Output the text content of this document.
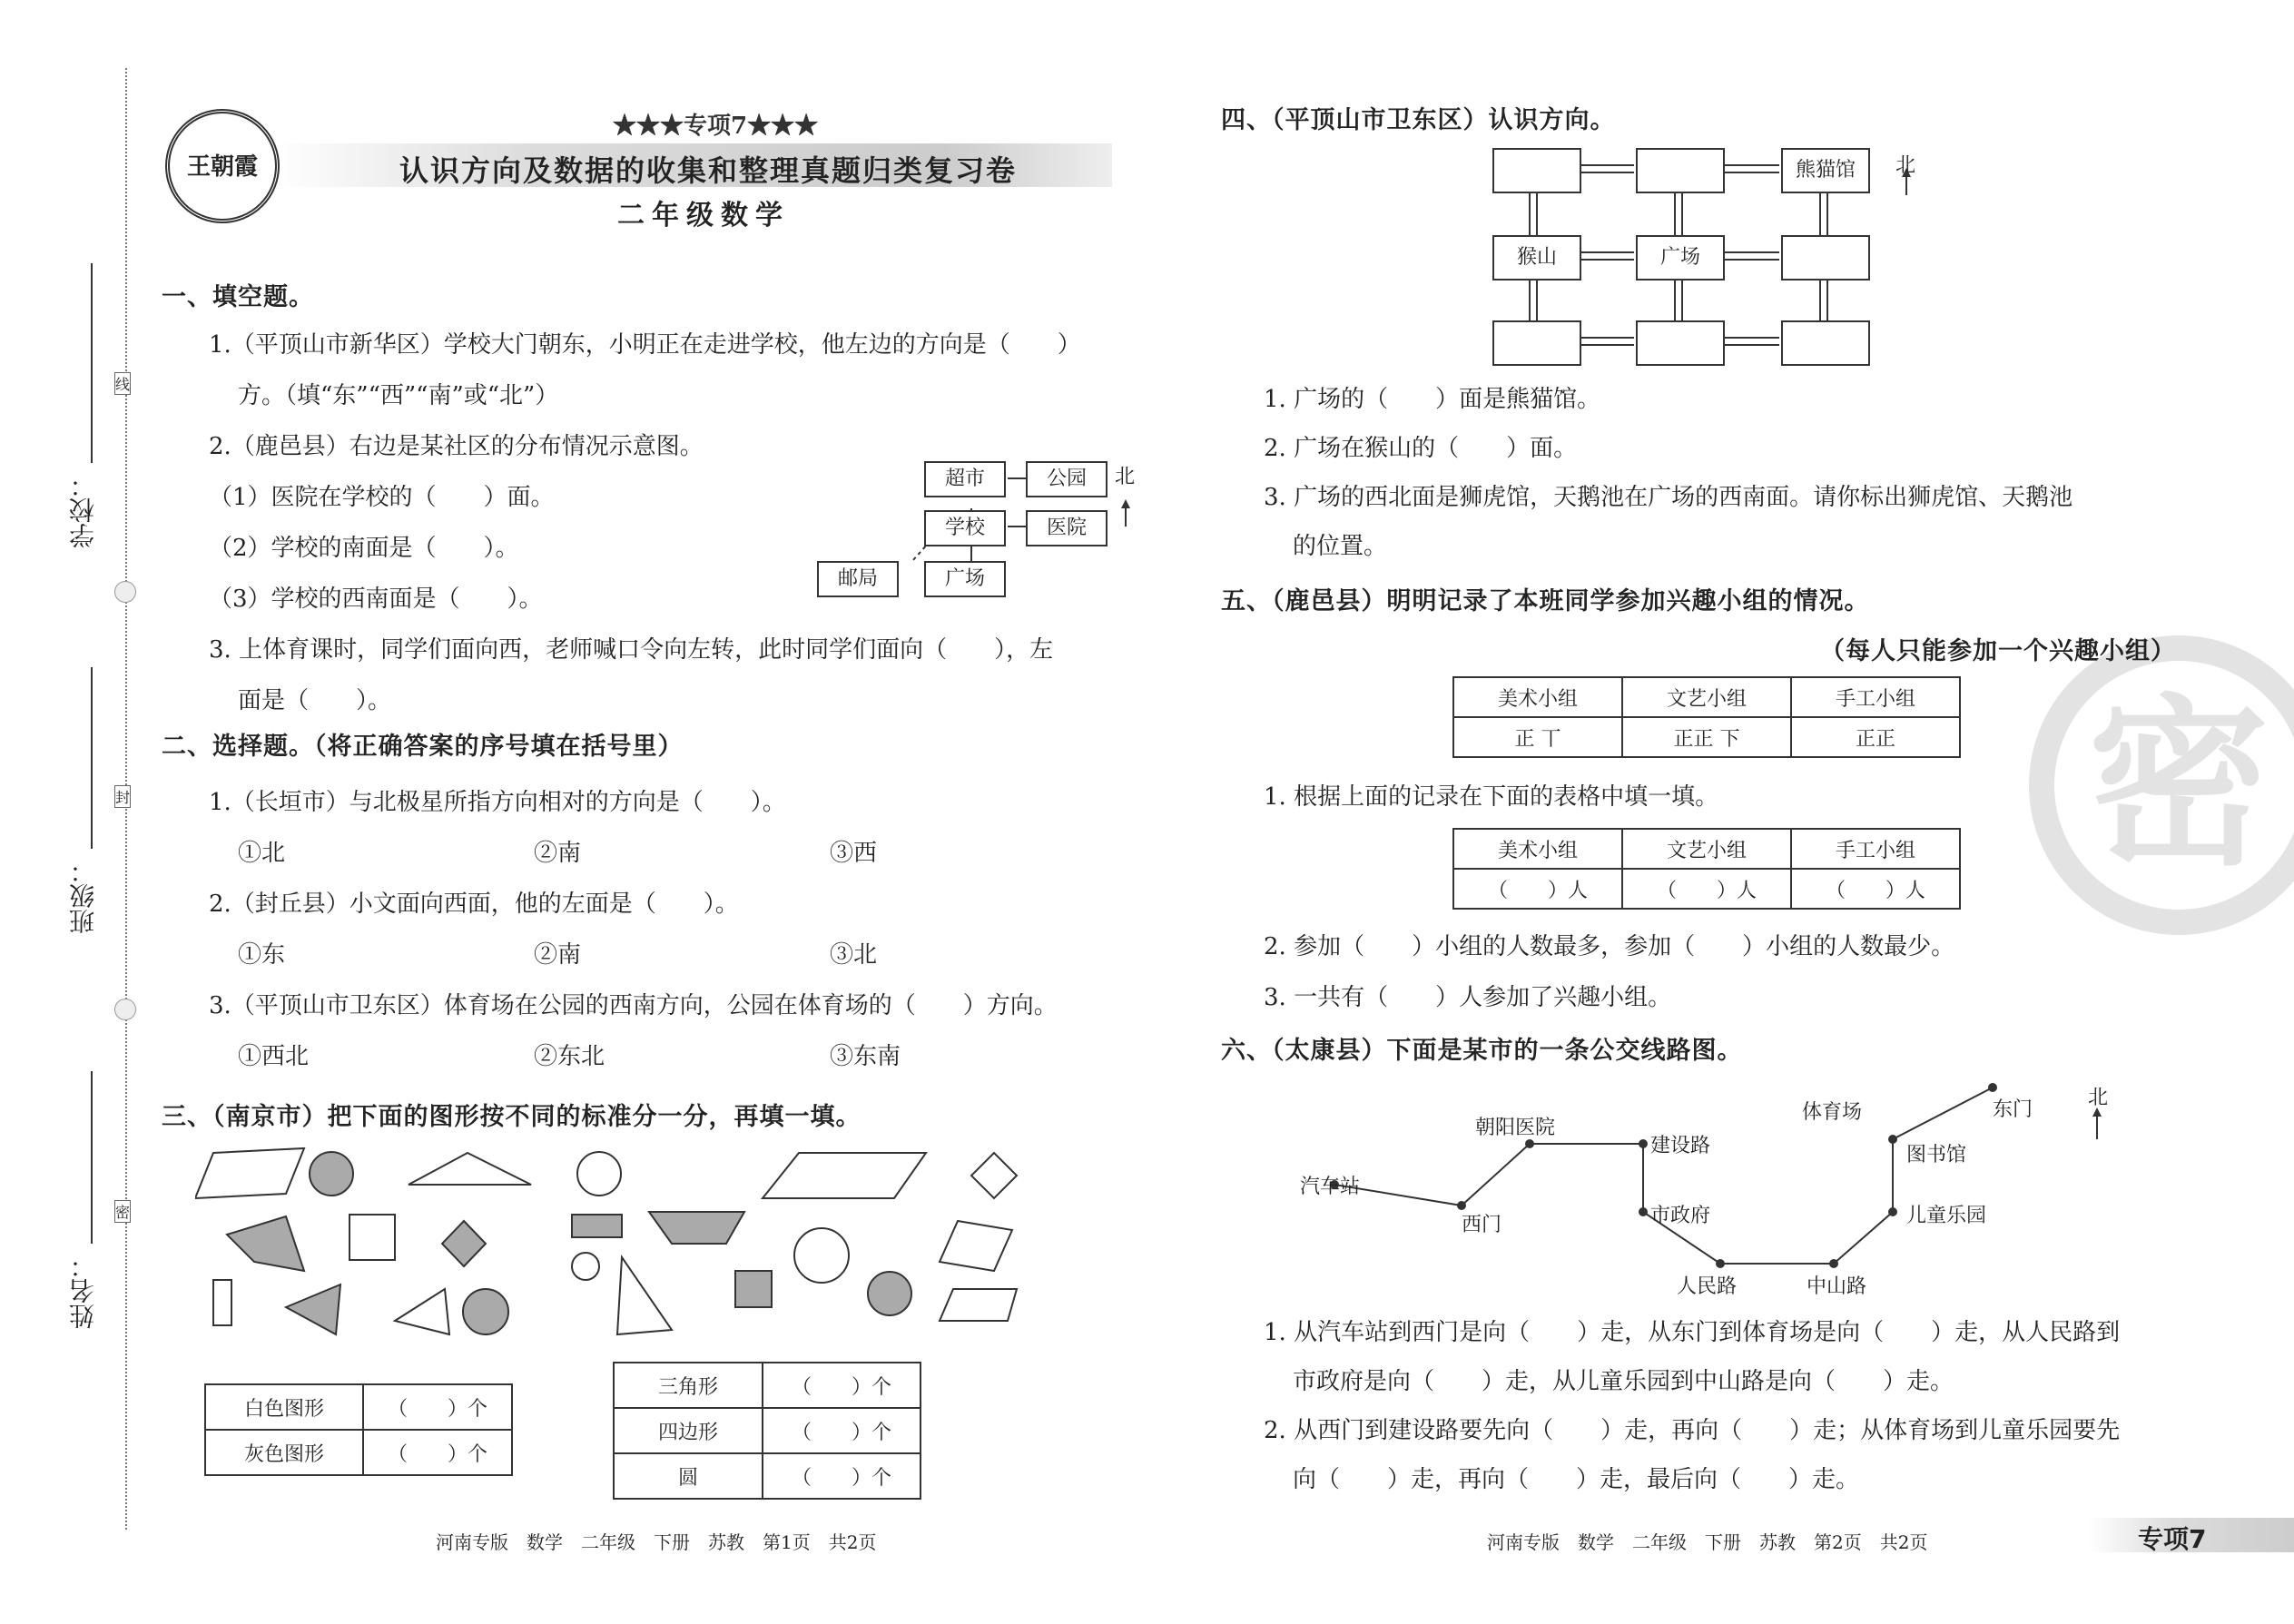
学校：
班级：
姓名：
线
封
密
王朝霞
★★★专项7★★★
认识方向及数据的收集和整理真题归类复习卷
二年级数学
一、填空题。
1.（平顶山市新华区）学校大门朝东，小明正在走进学校，他左边的方向是（　　）
方。（填“东”“西”“南”或“北”）
2.（鹿邑县）右边是某社区的分布情况示意图。
（1）医院在学校的（　　）面。
（2）学校的南面是（　　）。
（3）学校的西南面是（　　）。
3. 上体育课时，同学们面向西，老师喊口令向左转，此时同学们面向（　　），左
面是（　　）。
超市	公园
学校	医院
邮局	广场
北
二、选择题。（将正确答案的序号填在括号里）
1.（长垣市）与北极星所指方向相对的方向是（　　）。
①北	②南	③西
2.（封丘县）小文面向西面，他的左面是（　　）。
①东	②南	③北
3.（平顶山市卫东区）体育场在公园的西南方向，公园在体育场的（　　）方向。
①西北	②东北	③东南
三、（南京市）把下面的图形按不同的标准分一分，再填一填。
白色图形	（　　）个
灰色图形	（　　）个
三角形	（　　）个
四边形	（　　）个
圆	（　　）个
河南专版　数学　二年级　下册　苏教　第1页　共2页
密
四、（平顶山市卫东区）认识方向。
熊猫馆
猴山	广场
北
1. 广场的（　　）面是熊猫馆。
2. 广场在猴山的（　　）面。
3. 广场的西北面是狮虎馆，天鹅池在广场的西南面。请你标出狮虎馆、天鹅池
的位置。
五、（鹿邑县）明明记录了本班同学参加兴趣小组的情况。
（每人只能参加一个兴趣小组）
美术小组	文艺小组	手工小组
正 丅	正正 下	正正
1. 根据上面的记录在下面的表格中填一填。
美术小组	文艺小组	手工小组
（　　）人	（　　）人	（　　）人
2. 参加（　　）小组的人数最多，参加（　　）小组的人数最少。
3. 一共有（　　）人参加了兴趣小组。
六、（太康县）下面是某市的一条公交线路图。
汽车站
西门
朝阳医院
建设路
市政府
人民路	中山路
儿童乐园
图书馆
体育场	东门
北
1. 从汽车站到西门是向（　　）走，从东门到体育场是向（　　）走，从人民路到
市政府是向（　　）走，从儿童乐园到中山路是向（　　）走。
2. 从西门到建设路要先向（　　）走，再向（　　）走；从体育场到儿童乐园要先
向（　　）走，再向（　　）走，最后向（　　）走。
河南专版　数学　二年级　下册　苏教　第2页　共2页	专项7
